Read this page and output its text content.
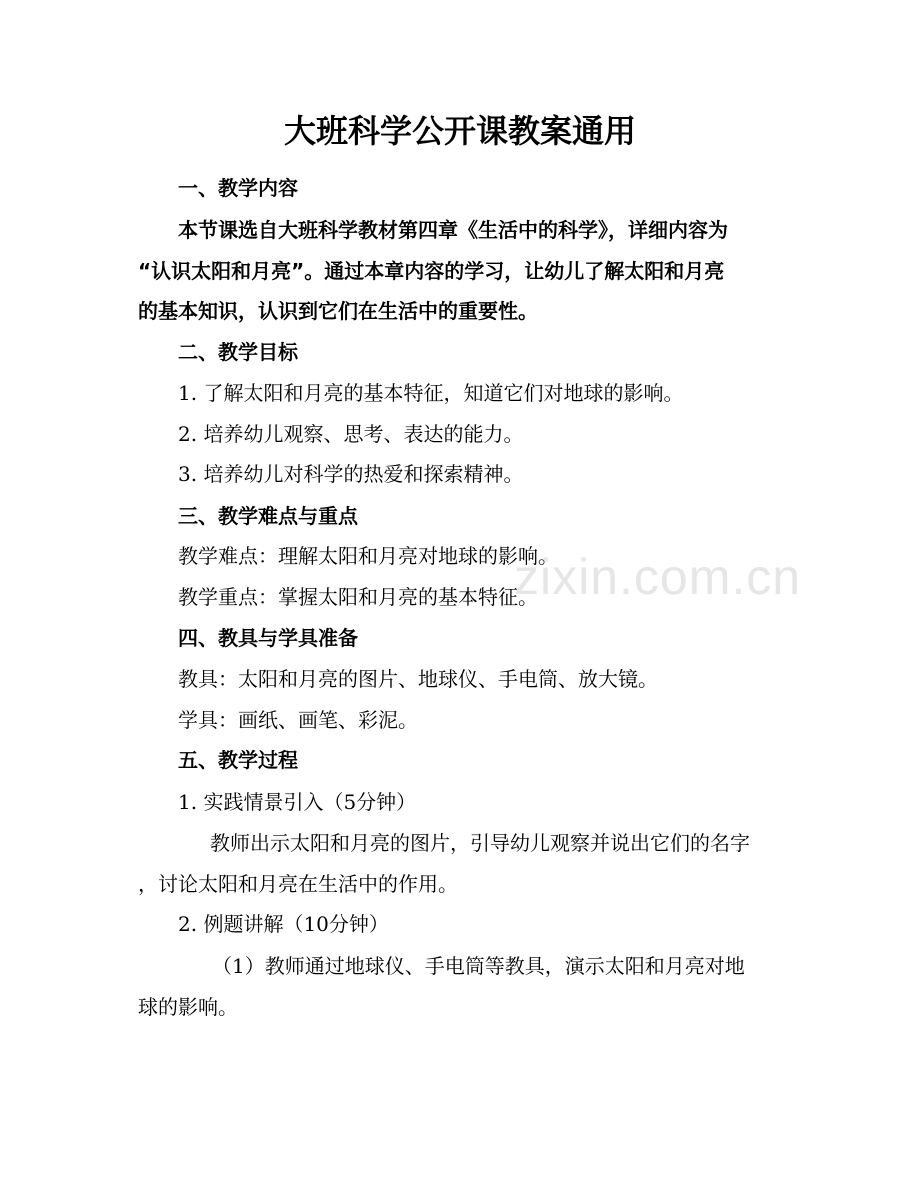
zixin.com.cn
大班科学公开课教案通用
一、教学内容
本节课选自大班科学教材第四章《生活中的科学》，详细内容为
“认识太阳和月亮”。通过本章内容的学习，让幼儿了解太阳和月亮
的基本知识，认识到它们在生活中的重要性。
二、教学目标
1. 了解太阳和月亮的基本特征，知道它们对地球的影响。
2. 培养幼儿观察、思考、表达的能力。
3. 培养幼儿对科学的热爱和探索精神。
三、教学难点与重点
教学难点：理解太阳和月亮对地球的影响。
教学重点：掌握太阳和月亮的基本特征。
四、教具与学具准备
教具：太阳和月亮的图片、地球仪、手电筒、放大镜。
学具：画纸、画笔、彩泥。
五、教学过程
1. 实践情景引入（5分钟）
教师出示太阳和月亮的图片，引导幼儿观察并说出它们的名字
，讨论太阳和月亮在生活中的作用。
2. 例题讲解（10分钟）
（1）教师通过地球仪、手电筒等教具，演示太阳和月亮对地
球的影响。
